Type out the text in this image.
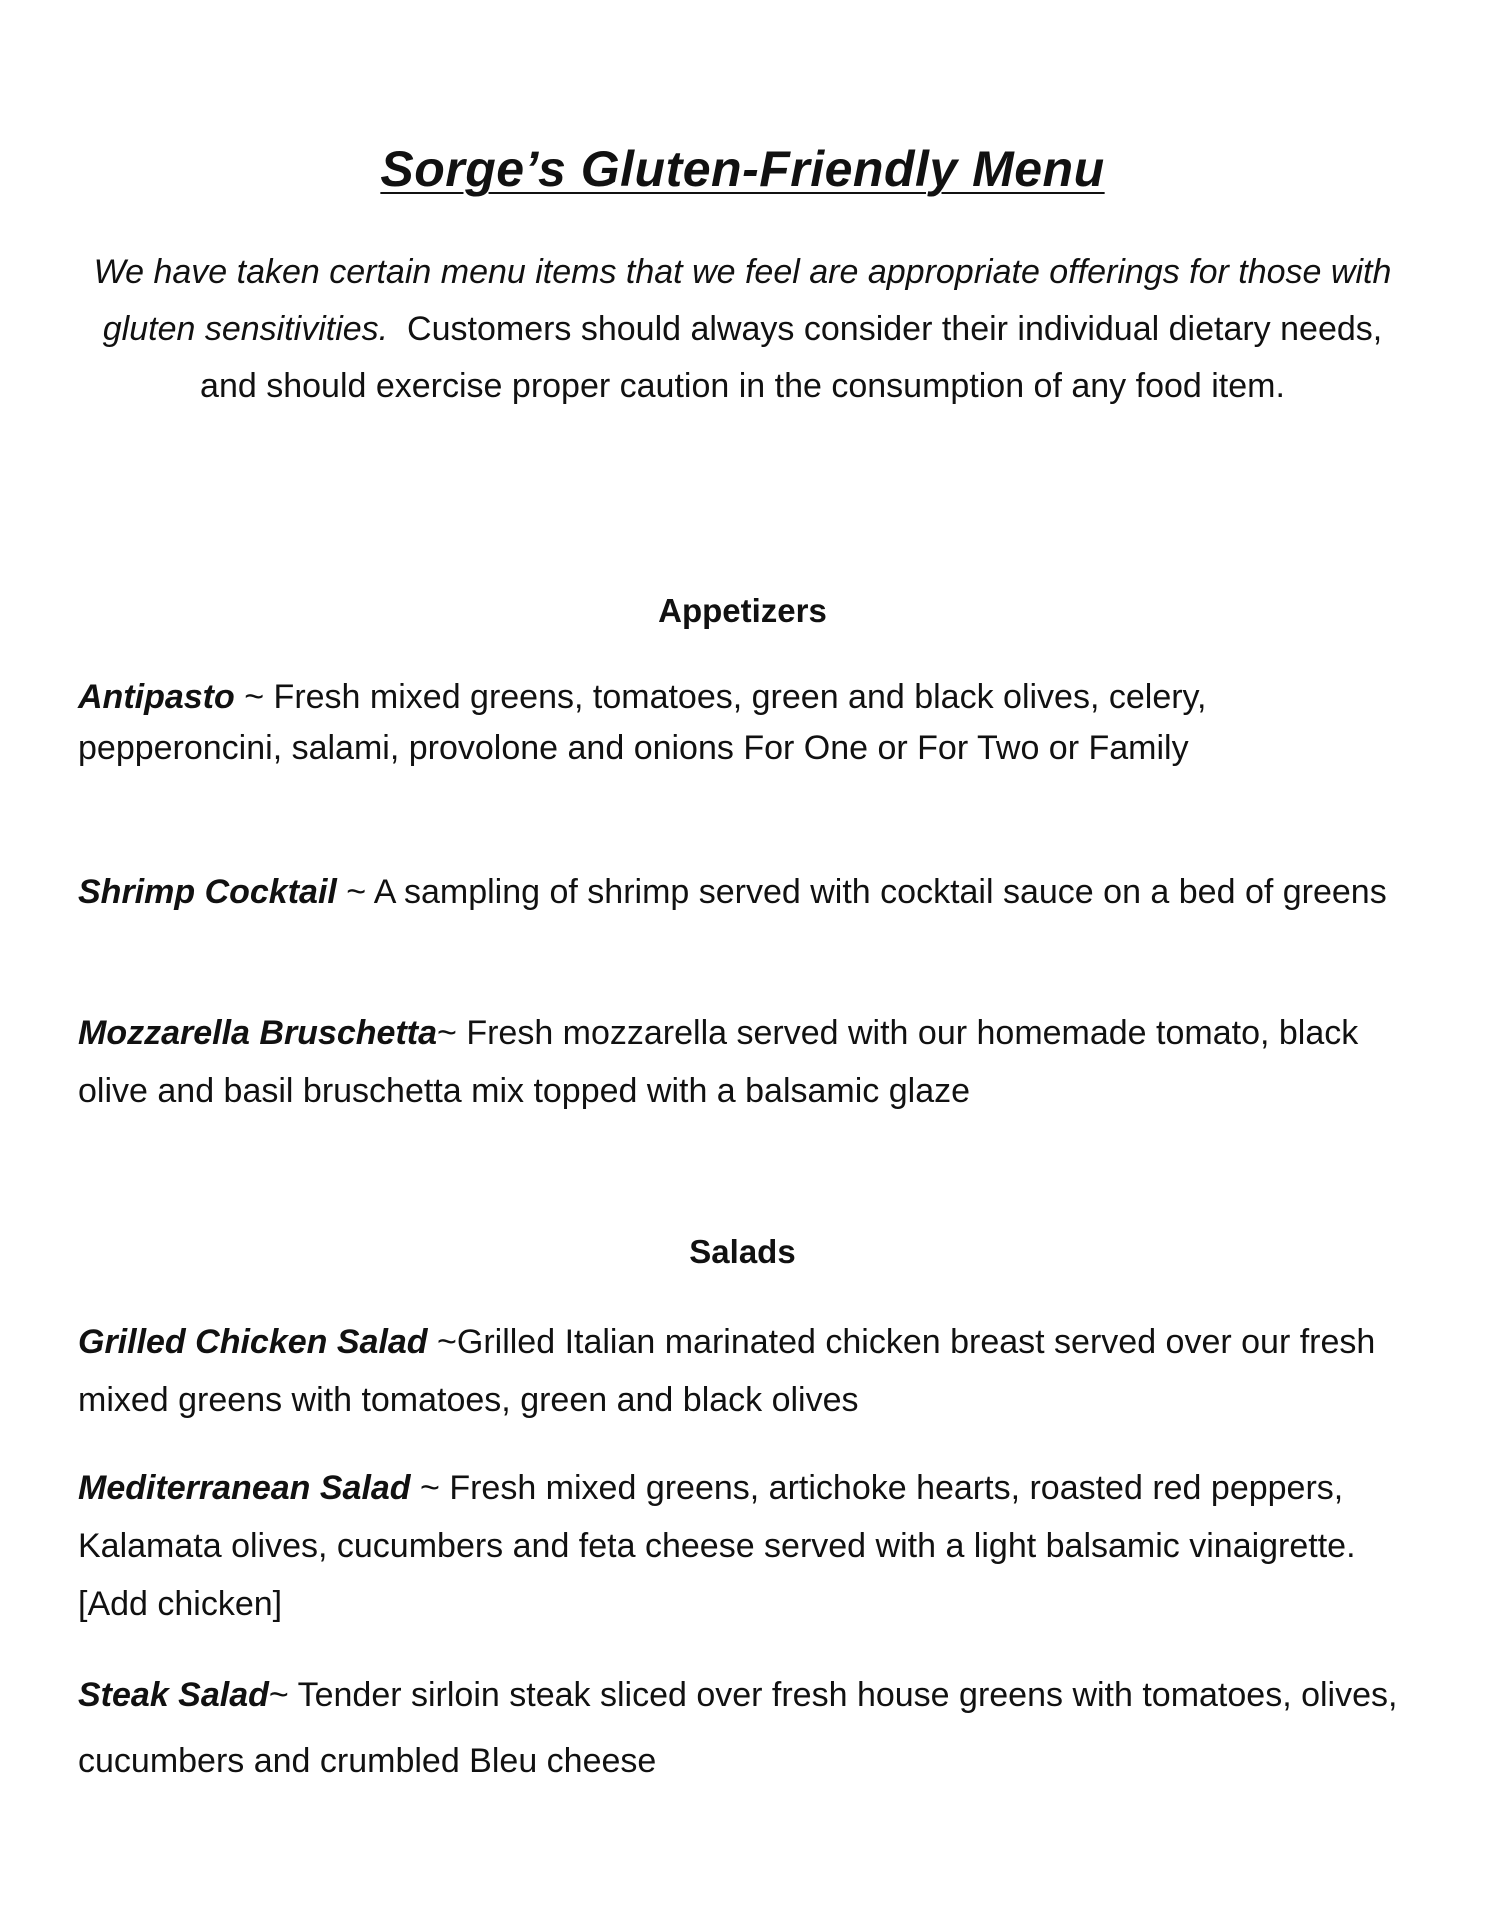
Sorge’s Gluten-Friendly Menu
We have taken certain menu items that we feel are appropriate offerings for those with gluten sensitivities. Customers should always consider their individual dietary needs, and should exercise proper caution in the consumption of any food item.
Appetizers
Antipasto ~ Fresh mixed greens, tomatoes, green and black olives, celery, pepperoncini, salami, provolone and onions For One or For Two or Family
Shrimp Cocktail ~ A sampling of shrimp served with cocktail sauce on a bed of greens
Mozzarella Bruschetta~ Fresh mozzarella served with our homemade tomato, black olive and basil bruschetta mix topped with a balsamic glaze
Salads
Grilled Chicken Salad ~Grilled Italian marinated chicken breast served over our fresh mixed greens with tomatoes, green and black olives
Mediterranean Salad ~ Fresh mixed greens, artichoke hearts, roasted red peppers, Kalamata olives, cucumbers and feta cheese served with a light balsamic vinaigrette. [Add chicken]
Steak Salad~ Tender sirloin steak sliced over fresh house greens with tomatoes, olives, cucumbers and crumbled Bleu cheese
